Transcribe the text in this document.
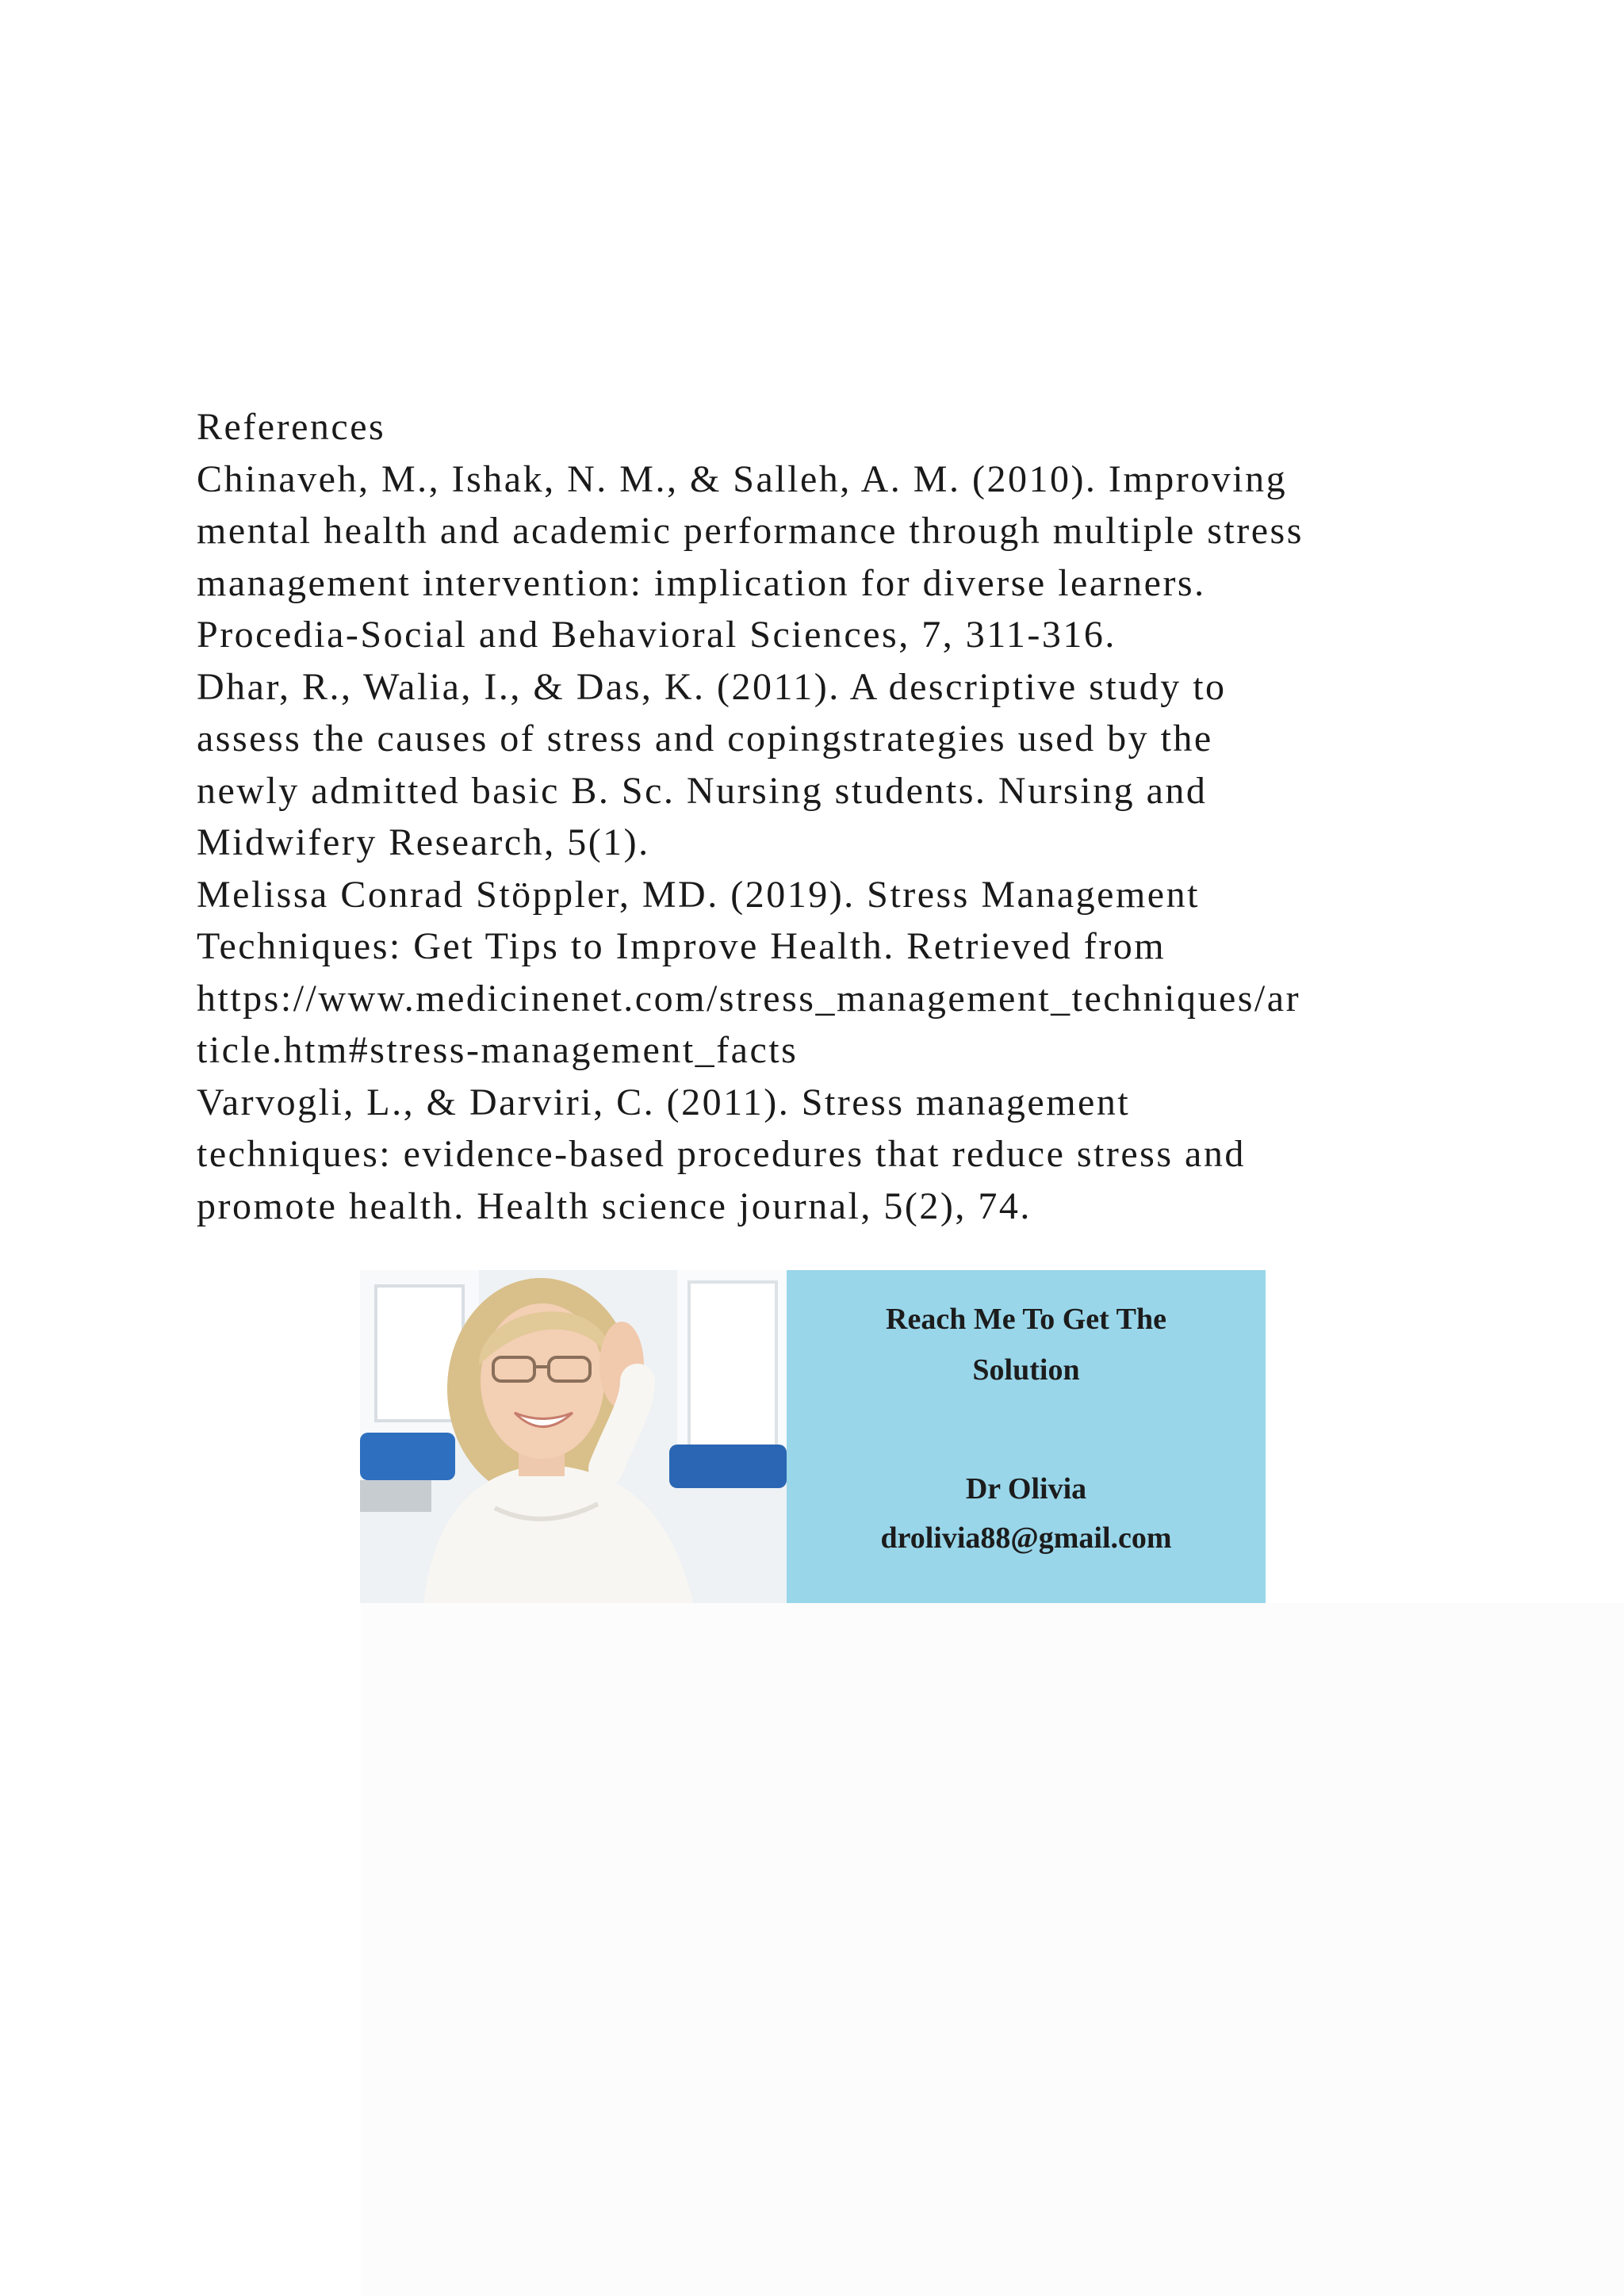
References
Chinaveh, M., Ishak, N. M., & Salleh, A. M. (2010). Improving
mental health and academic performance through multiple stress
management intervention: implication for diverse learners.
Procedia-Social and Behavioral Sciences, 7, 311-316.
Dhar, R., Walia, I., & Das, K. (2011). A descriptive study to
assess the causes of stress and copingstrategies used by the
newly admitted basic B. Sc. Nursing students. Nursing and
Midwifery Research, 5(1).
Melissa Conrad Stöppler, MD. (2019). Stress Management
Techniques: Get Tips to Improve Health. Retrieved from
https://www.medicinenet.com/stress_management_techniques/ar
ticle.htm#stress-management_facts
Varvogli, L., & Darviri, C. (2011). Stress management
techniques: evidence-based procedures that reduce stress and
promote health. Health science journal, 5(2), 74.
Reach Me To Get The
Solution
Dr Olivia
drolivia88@gmail.com
